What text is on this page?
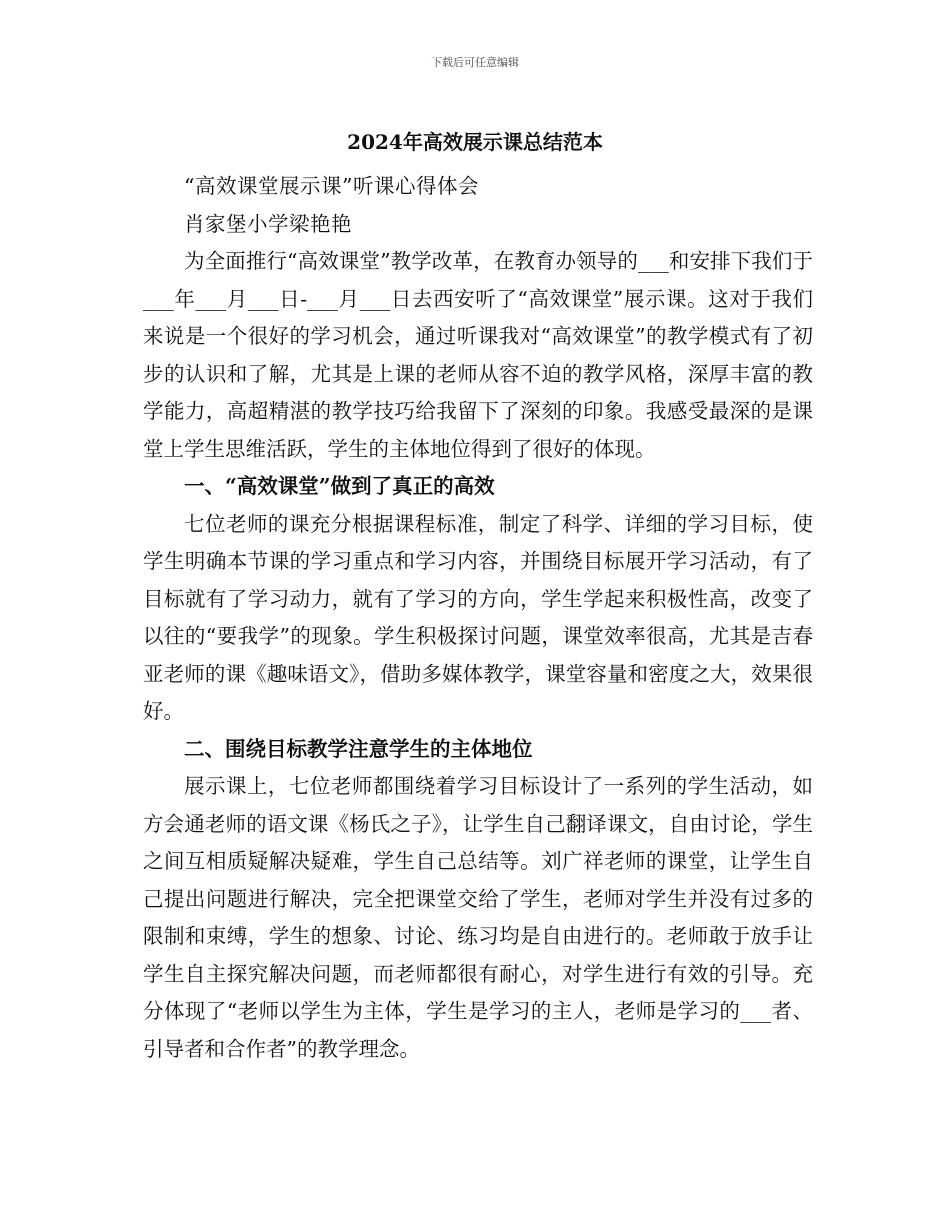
下载后可任意编辑
2024年高效展示课总结范本

“高效课堂展示课”听课心得体会

肖家堡小学梁艳艳

为全面推行“高效课堂”教学改革，在教育办领导的___和安排下我们于___年___月___日-___月___日去西安听了“高效课堂”展示课。这对于我们来说是一个很好的学习机会，通过听课我对“高效课堂”的教学模式有了初步的认识和了解，尤其是上课的老师从容不迫的教学风格，深厚丰富的教学能力，高超精湛的教学技巧给我留下了深刻的印象。我感受最深的是课堂上学生思维活跃，学生的主体地位得到了很好的体现。

一、“高效课堂”做到了真正的高效

七位老师的课充分根据课程标准，制定了科学、详细的学习目标，使学生明确本节课的学习重点和学习内容，并围绕目标展开学习活动，有了目标就有了学习动力，就有了学习的方向，学生学起来积极性高，改变了以往的“要我学”的现象。学生积极探讨问题，课堂效率很高，尤其是吉春亚老师的课《趣味语文》，借助多媒体教学，课堂容量和密度之大，效果很好。

二、围绕目标教学注意学生的主体地位

展示课上，七位老师都围绕着学习目标设计了一系列的学生活动，如方会通老师的语文课《杨氏之子》，让学生自己翻译课文，自由讨论，学生之间互相质疑解决疑难，学生自己总结等。刘广祥老师的课堂，让学生自己提出问题进行解决，完全把课堂交给了学生，老师对学生并没有过多的限制和束缚，学生的想象、讨论、练习均是自由进行的。老师敢于放手让学生自主探究解决问题，而老师都很有耐心，对学生进行有效的引导。充分体现了“老师以学生为主体，学生是学习的主人，老师是学习的___者、引导者和合作者”的教学理念。
